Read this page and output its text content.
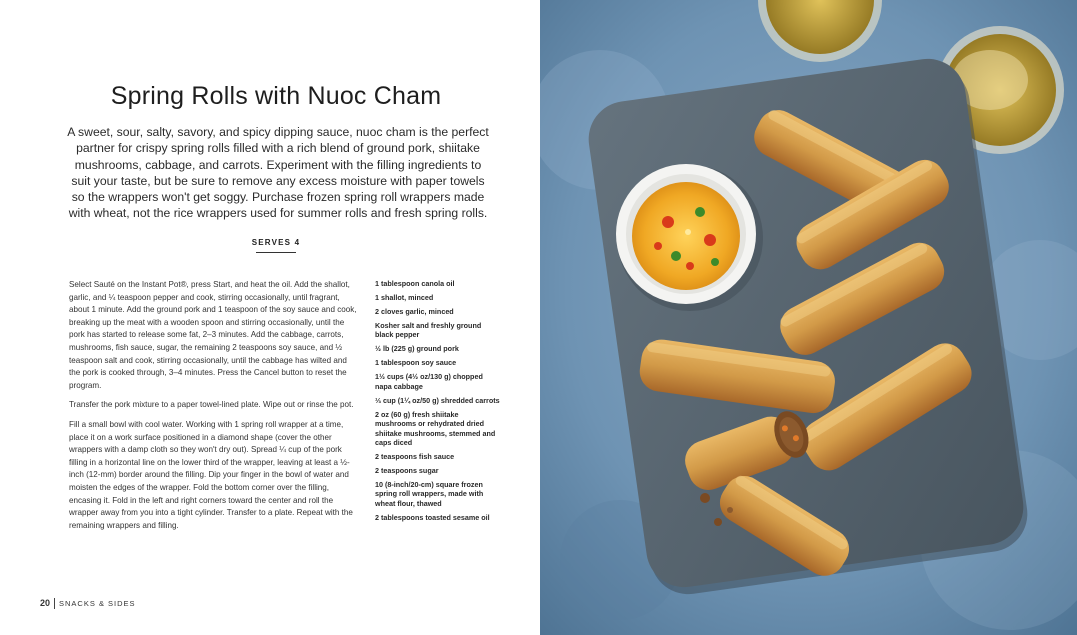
Spring Rolls with Nuoc Cham
A sweet, sour, salty, savory, and spicy dipping sauce, nuoc cham is the perfect partner for crispy spring rolls filled with a rich blend of ground pork, shiitake mushrooms, cabbage, and carrots. Experiment with the filling ingredients to suit your taste, but be sure to remove any excess moisture with paper towels so the wrappers won't get soggy. Purchase frozen spring roll wrappers made with wheat, not the rice wrappers used for summer rolls and fresh spring rolls.
SERVES 4

Select Sauté on the Instant Pot®, press Start, and heat the oil. Add the shallot, garlic, and ¼ teaspoon pepper and cook, stirring occasionally, until fragrant, about 1 minute. Add the ground pork and 1 teaspoon of the soy sauce and cook, breaking up the meat with a wooden spoon and stirring occasionally, until the pork has started to release some fat, 2–3 minutes. Add the cabbage, carrots, mushrooms, fish sauce, sugar, the remaining 2 teaspoons soy sauce, and ½ teaspoon salt and cook, stirring occasionally, until the cabbage has wilted and the pork is cooked through, 3–4 minutes. Press the Cancel button to reset the program.

Transfer the pork mixture to a paper towel-lined plate. Wipe out or rinse the pot.

Fill a small bowl with cool water. Working with 1 spring roll wrapper at a time, place it on a work surface positioned in a diamond shape (cover the other wrappers with a damp cloth so they won't dry out). Spread ¼ cup of the pork filling in a horizontal line on the lower third of the wrapper, leaving at least a ½-inch (12-mm) border around the filling. Dip your finger in the bowl of water and moisten the edges of the wrapper. Fold the bottom corner over the filling, encasing it. Fold in the left and right corners toward the center and roll the wrapper away from you into a tight cylinder. Transfer to a plate. Repeat with the remaining wrappers and filling.

1 tablespoon canola oil
1 shallot, minced
2 cloves garlic, minced
Kosher salt and freshly ground black pepper
½ lb (225 g) ground pork
1 tablespoon soy sauce
1½ cups (4½ oz/130 g) chopped napa cabbage
⅓ cup (1¼ oz/50 g) shredded carrots
2 oz (60 g) fresh shiitake mushrooms or rehydrated dried shiitake mushrooms, stemmed and caps diced
2 teaspoons fish sauce
2 teaspoons sugar
10 (8-inch/20-cm) square frozen spring roll wrappers, made with wheat flour, thawed
2 tablespoons toasted sesame oil
20 SNACKS & SIDES
